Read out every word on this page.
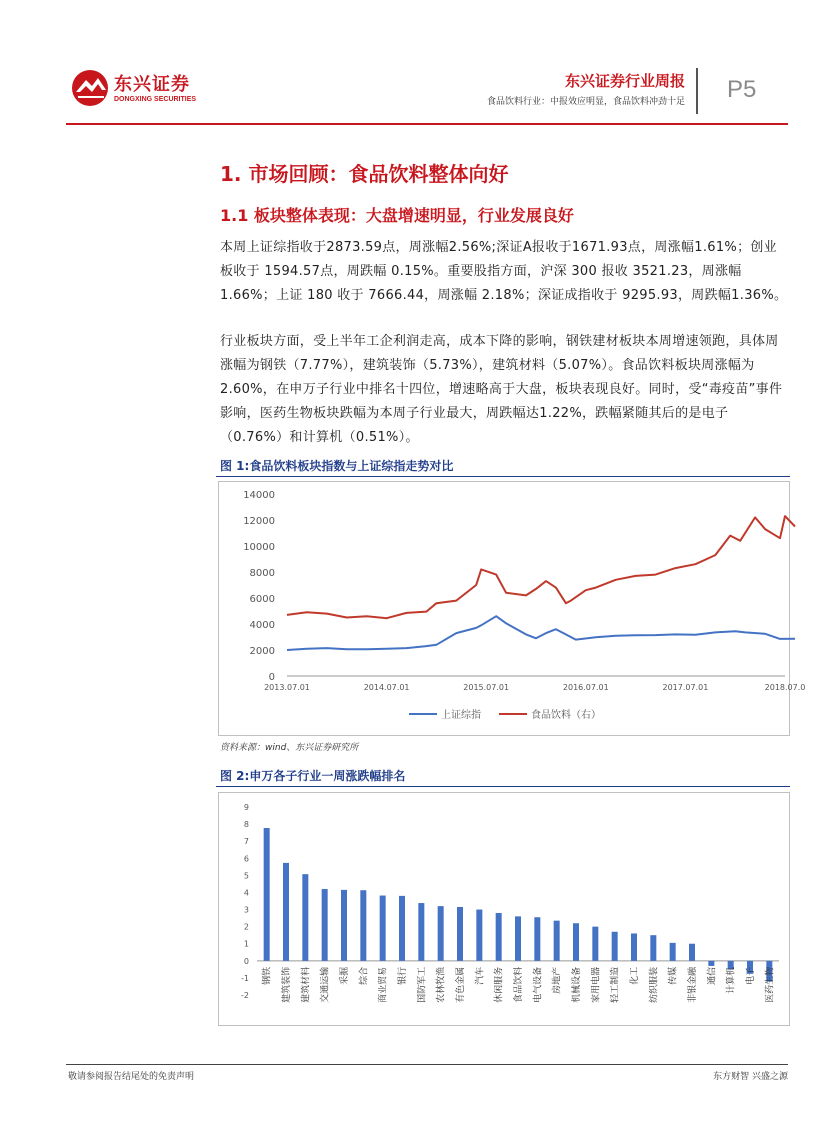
东兴证券
DONGXING SECURITIES
东兴证券行业周报
食品饮料行业：中报效应明显，食品饮料冲劲十足 P5
1. 市场回顾：食品饮料整体向好
1.1 板块整体表现：大盘增速明显，行业发展良好
本周上证综指收于2873.59点，周涨幅2.56%;深证A报收于1671.93点，周涨幅1.61%；创业板收于 1594.57点，周跌幅 0.15%。重要股指方面，沪深 300 报收 3521.23，周涨幅1.66%；上证 180 收于 7666.44，周涨幅 2.18%；深证成指收于 9295.93，周跌幅1.36%。
行业板块方面，受上半年工企利润走高，成本下降的影响，钢铁建材板块本周增速领跑，具体周涨幅为钢铁（7.77%），建筑装饰（5.73%），建筑材料（5.07%）。食品饮料板块周涨幅为 2.60%，在申万子行业中排名十四位，增速略高于大盘，板块表现良好。同时，受“毒疫苗”事件影响，医药生物板块跌幅为本周子行业最大，周跌幅达1.22%，跌幅紧随其后的是电子（0.76%）和计算机（0.51%）。
图 1:食品饮料板块指数与上证综指走势对比
14000
12000
10000
8000
6000
4000
2000
0
2013.07.01	2014.07.01	2015.07.01	2016.07.01	2017.07.01	2018.07.0
上证综指	食品饮料（右）
资料来源：wind、东兴证券研究所
图 2:申万各子行业一周涨跌幅排名
9
8
7
6
5
4
3
2
1
0
-1
-2
钢铁 建筑装饰 建筑材料 交通运输 采掘 综合 商业贸易 银行 国防军工 农林牧渔 有色金属 汽车 休闲服务 食品饮料 电气设备 房地产 机械设备 家用电器 轻工制造 化工 纺织服装 传媒 非银金融 通信 计算机 电子 医药生物
敬请参阅报告结尾处的免责声明	东方财智 兴盛之源
